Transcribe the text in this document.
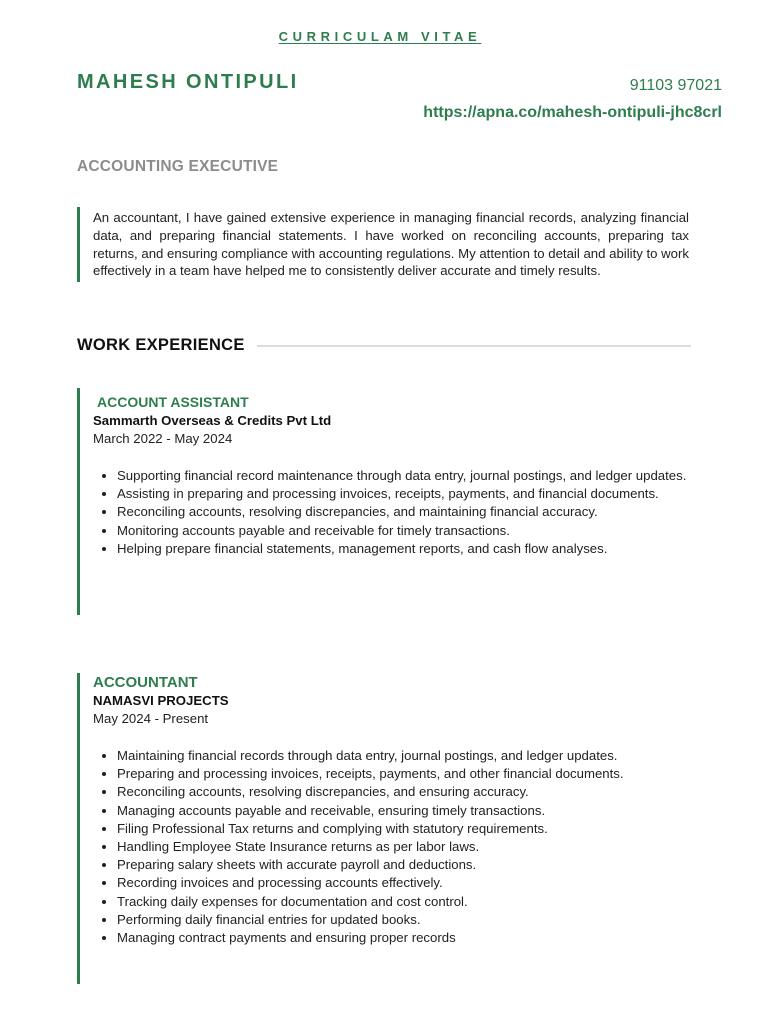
CURRICULAM VITAE
MAHESH ONTIPULI	91103 97021
https://apna.co/mahesh-ontipuli-jhc8crl
ACCOUNTING EXECUTIVE
An accountant, I have gained extensive experience in managing financial records, analyzing financial data, and preparing financial statements. I have worked on reconciling accounts, preparing tax returns, and ensuring compliance with accounting regulations. My attention to detail and ability to work effectively in a team have helped me to consistently deliver accurate and timely results.
WORK EXPERIENCE
ACCOUNT ASSISTANT
Sammarth Overseas & Credits Pvt Ltd
March 2022 - May 2024
• Supporting financial record maintenance through data entry, journal postings, and ledger updates.
• Assisting in preparing and processing invoices, receipts, payments, and financial documents.
• Reconciling accounts, resolving discrepancies, and maintaining financial accuracy.
• Monitoring accounts payable and receivable for timely transactions.
• Helping prepare financial statements, management reports, and cash flow analyses.
ACCOUNTANT
NAMASVI PROJECTS
May 2024 - Present
• Maintaining financial records through data entry, journal postings, and ledger updates.
• Preparing and processing invoices, receipts, payments, and other financial documents.
• Reconciling accounts, resolving discrepancies, and ensuring accuracy.
• Managing accounts payable and receivable, ensuring timely transactions.
• Filing Professional Tax returns and complying with statutory requirements.
• Handling Employee State Insurance returns as per labor laws.
• Preparing salary sheets with accurate payroll and deductions.
• Recording invoices and processing accounts effectively.
• Tracking daily expenses for documentation and cost control.
• Performing daily financial entries for updated books.
• Managing contract payments and ensuring proper records
